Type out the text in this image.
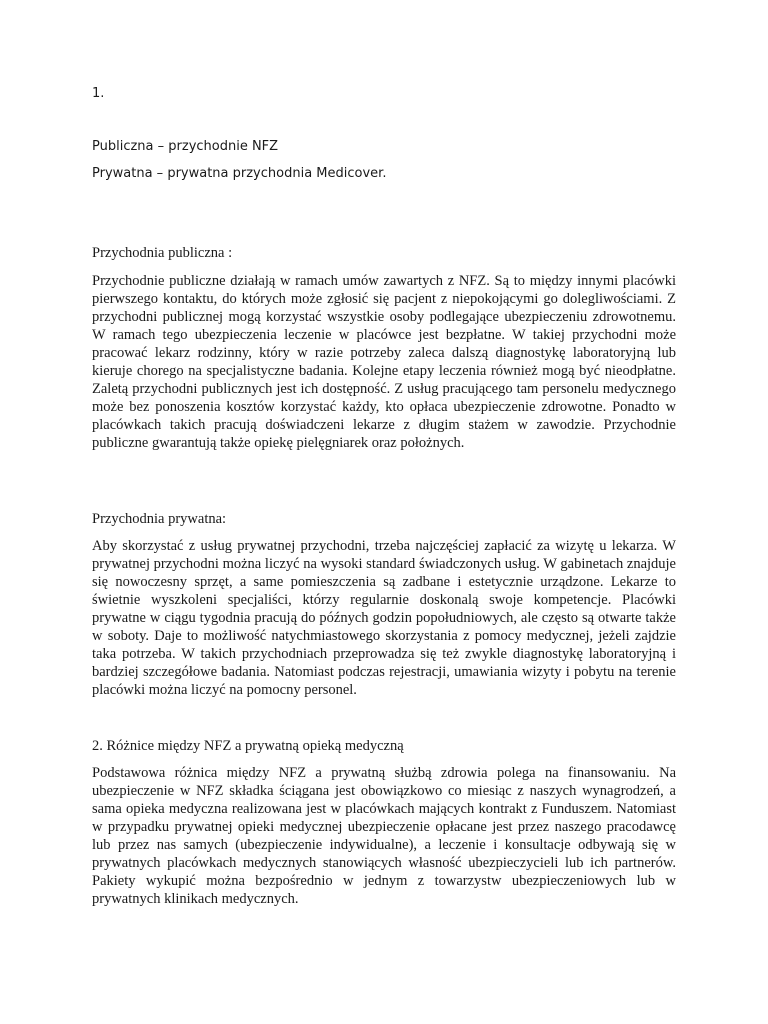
1.

Publiczna – przychodnie NFZ

Prywatna – prywatna przychodnia Medicover.

Przychodnia publiczna :

Przychodnie publiczne działają w ramach umów zawartych z NFZ. Są to między innymi placówki pierwszego kontaktu, do których może zgłosić się pacjent z niepokojącymi go dolegliwościami. Z przychodni publicznej mogą korzystać wszystkie osoby podlegające ubezpieczeniu zdrowotnemu. W ramach tego ubezpieczenia leczenie w placówce jest bezpłatne. W takiej przychodni może pracować lekarz rodzinny, który w razie potrzeby zaleca dalszą diagnostykę laboratoryjną lub kieruje chorego na specjalistyczne badania. Kolejne etapy leczenia również mogą być nieodpłatne. Zaletą przychodni publicznych jest ich dostępność. Z usług pracującego tam personelu medycznego może bez ponoszenia kosztów korzystać każdy, kto opłaca ubezpieczenie zdrowotne. Ponadto w placówkach takich pracują doświadczeni lekarze z długim stażem w zawodzie. Przychodnie publiczne gwarantują także opiekę pielęgniarek oraz położnych.

Przychodnia prywatna:

Aby skorzystać z usług prywatnej przychodni, trzeba najczęściej zapłacić za wizytę u lekarza. W prywatnej przychodni można liczyć na wysoki standard świadczonych usług. W gabinetach znajduje się nowoczesny sprzęt, a same pomieszczenia są zadbane i estetycznie urządzone. Lekarze to świetnie wyszkoleni specjaliści, którzy regularnie doskonalą swoje kompetencje. Placówki prywatne w ciągu tygodnia pracują do późnych godzin popołudniowych, ale często są otwarte także w soboty. Daje to możliwość natychmiastowego skorzystania z pomocy medycznej, jeżeli zajdzie taka potrzeba. W takich przychodniach przeprowadza się też zwykle diagnostykę laboratoryjną i bardziej szczegółowe badania. Natomiast podczas rejestracji, umawiania wizyty i pobytu na terenie placówki można liczyć na pomocny personel.

2. Różnice między NFZ a prywatną opieką medyczną

Podstawowa różnica między NFZ a prywatną służbą zdrowia polega na finansowaniu. Na ubezpieczenie w NFZ składka ściągana jest obowiązkowo co miesiąc z naszych wynagrodzeń, a sama opieka medyczna realizowana jest w placówkach mających kontrakt z Funduszem. Natomiast w przypadku prywatnej opieki medycznej ubezpieczenie opłacane jest przez naszego pracodawcę lub przez nas samych (ubezpieczenie indywidualne), a leczenie i konsultacje odbywają się w prywatnych placówkach medycznych stanowiących własność ubezpieczycieli lub ich partnerów. Pakiety wykupić można bezpośrednio w jednym z towarzystw ubezpieczeniowych lub w prywatnych klinikach medycznych.
